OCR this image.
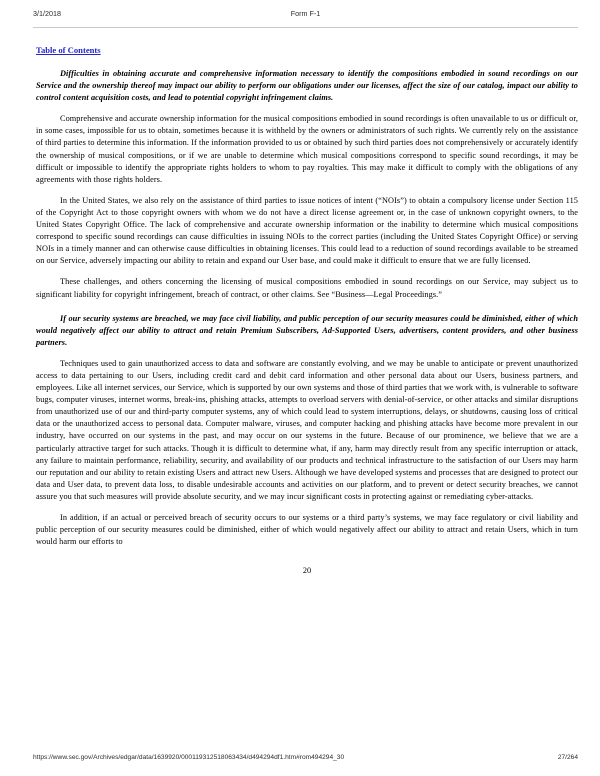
3/1/2018	Form F-1
Table of Contents

Difficulties in obtaining accurate and comprehensive information necessary to identify the compositions embodied in sound recordings on our Service and the ownership thereof may impact our ability to perform our obligations under our licenses, affect the size of our catalog, impact our ability to control content acquisition costs, and lead to potential copyright infringement claims.

Comprehensive and accurate ownership information for the musical compositions embodied in sound recordings is often unavailable to us or difficult or, in some cases, impossible for us to obtain, sometimes because it is withheld by the owners or administrators of such rights. We currently rely on the assistance of third parties to determine this information. If the information provided to us or obtained by such third parties does not comprehensively or accurately identify the ownership of musical compositions, or if we are unable to determine which musical compositions correspond to specific sound recordings, it may be difficult or impossible to identify the appropriate rights holders to whom to pay royalties. This may make it difficult to comply with the obligations of any agreements with those rights holders.

In the United States, we also rely on the assistance of third parties to issue notices of intent (“NOIs”) to obtain a compulsory license under Section 115 of the Copyright Act to those copyright owners with whom we do not have a direct license agreement or, in the case of unknown copyright owners, to the United States Copyright Office. The lack of comprehensive and accurate ownership information or the inability to determine which musical compositions correspond to specific sound recordings can cause difficulties in issuing NOIs to the correct parties (including the United States Copyright Office) or serving NOIs in a timely manner and can otherwise cause difficulties in obtaining licenses. This could lead to a reduction of sound recordings available to be streamed on our Service, adversely impacting our ability to retain and expand our User base, and could make it difficult to ensure that we are fully licensed.

These challenges, and others concerning the licensing of musical compositions embodied in sound recordings on our Service, may subject us to significant liability for copyright infringement, breach of contract, or other claims. See “Business—Legal Proceedings.”

If our security systems are breached, we may face civil liability, and public perception of our security measures could be diminished, either of which would negatively affect our ability to attract and retain Premium Subscribers, Ad-Supported Users, advertisers, content providers, and other business partners.

Techniques used to gain unauthorized access to data and software are constantly evolving, and we may be unable to anticipate or prevent unauthorized access to data pertaining to our Users, including credit card and debit card information and other personal data about our Users, business partners, and employees. Like all internet services, our Service, which is supported by our own systems and those of third parties that we work with, is vulnerable to software bugs, computer viruses, internet worms, break-ins, phishing attacks, attempts to overload servers with denial-of-service, or other attacks and similar disruptions from unauthorized use of our and third-party computer systems, any of which could lead to system interruptions, delays, or shutdowns, causing loss of critical data or the unauthorized access to personal data. Computer malware, viruses, and computer hacking and phishing attacks have become more prevalent in our industry, have occurred on our systems in the past, and may occur on our systems in the future. Because of our prominence, we believe that we are a particularly attractive target for such attacks. Though it is difficult to determine what, if any, harm may directly result from any specific interruption or attack, any failure to maintain performance, reliability, security, and availability of our products and technical infrastructure to the satisfaction of our Users may harm our reputation and our ability to retain existing Users and attract new Users. Although we have developed systems and processes that are designed to protect our data and User data, to prevent data loss, to disable undesirable accounts and activities on our platform, and to prevent or detect security breaches, we cannot assure you that such measures will provide absolute security, and we may incur significant costs in protecting against or remediating cyber-attacks.

In addition, if an actual or perceived breach of security occurs to our systems or a third party’s systems, we may face regulatory or civil liability and public perception of our security measures could be diminished, either of which would negatively affect our ability to attract and retain Users, which in turn would harm our efforts to

20
https://www.sec.gov/Archives/edgar/data/1639920/000119312518063434/d494294df1.htm#rom494294_30	27/264
